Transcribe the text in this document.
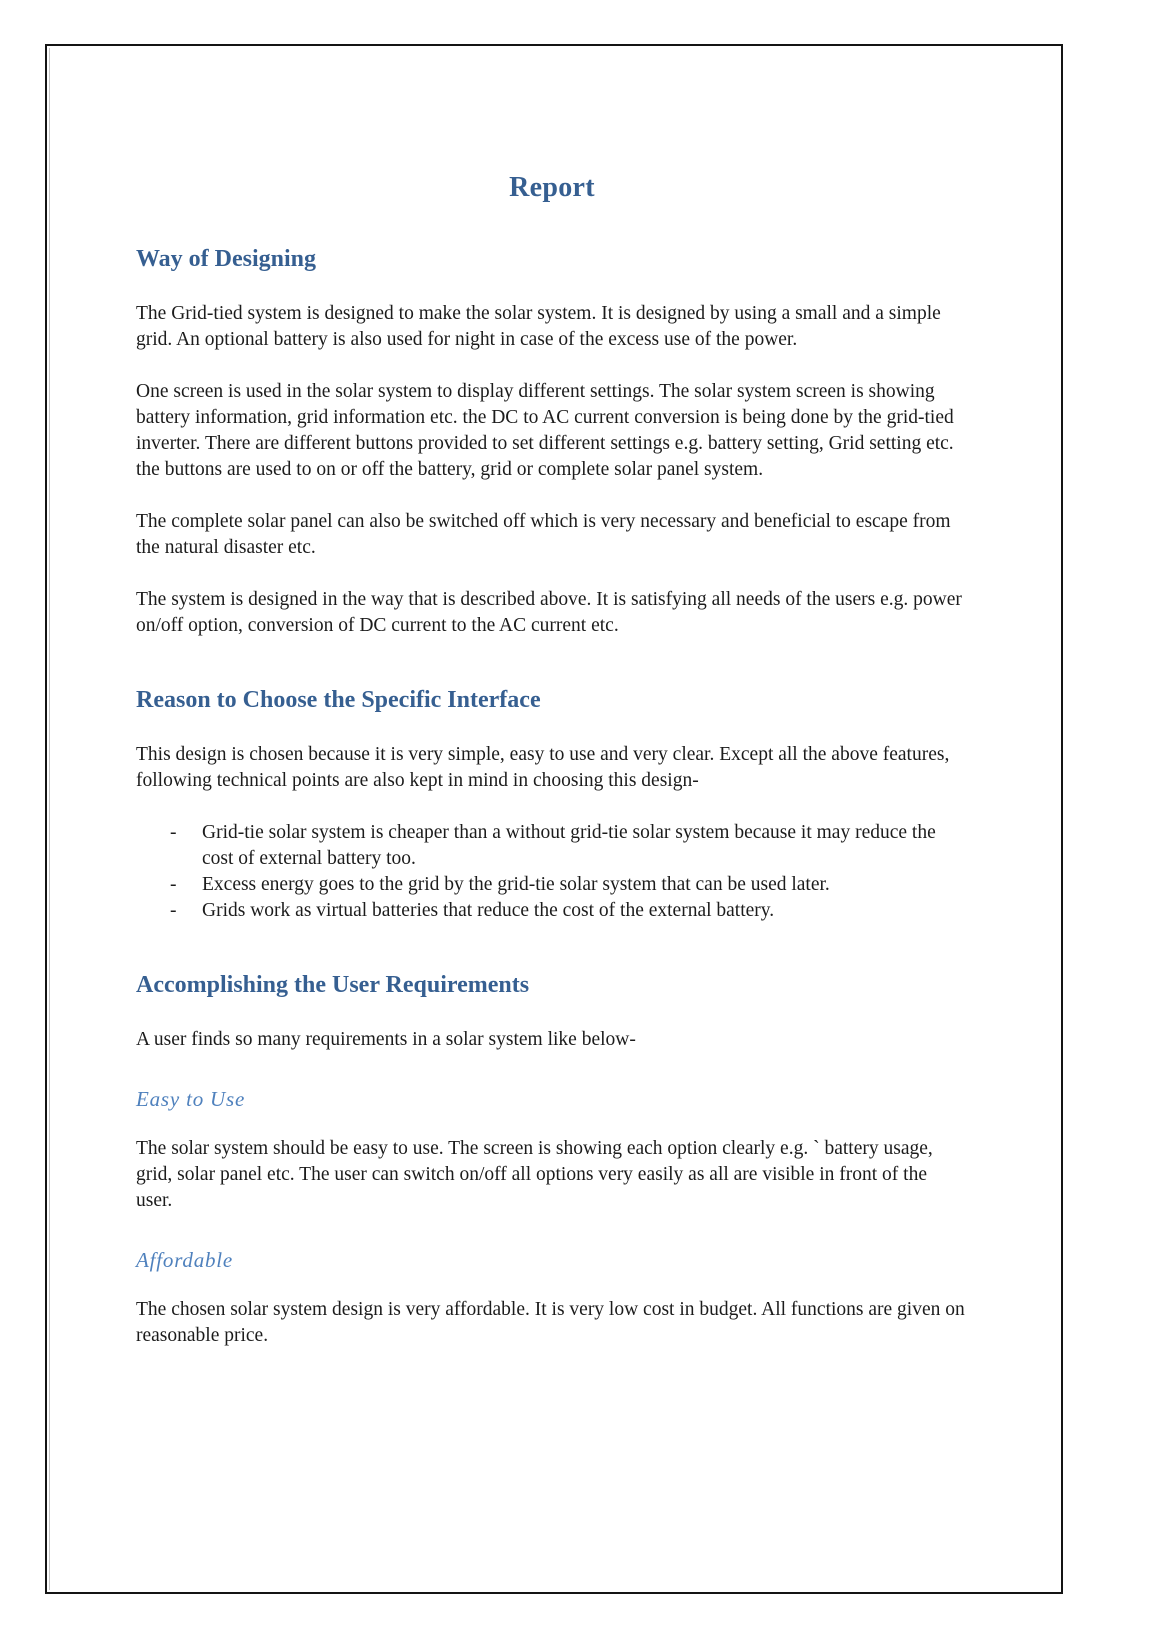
Report
Way of Designing

The Grid-tied system is designed to make the solar system. It is designed by using a small and a simple grid. An optional battery is also used for night in case of the excess use of the power.

One screen is used in the solar system to display different settings. The solar system screen is showing battery information, grid information etc. the DC to AC current conversion is being done by the grid-tied inverter. There are different buttons provided to set different settings e.g. battery setting, Grid setting etc. the buttons are used to on or off the battery, grid or complete solar panel system.

The complete solar panel can also be switched off which is very necessary and beneficial to escape from the natural disaster etc.

The system is designed in the way that is described above. It is satisfying all needs of the users e.g. power on/off option, conversion of DC current to the AC current etc.

Reason to Choose the Specific Interface

This design is chosen because it is very simple, easy to use and very clear. Except all the above features, following technical points are also kept in mind in choosing this design-

-	Grid-tie solar system is cheaper than a without grid-tie solar system because it may reduce the cost of external battery too.
-	Excess energy goes to the grid by the grid-tie solar system that can be used later.
-	Grids work as virtual batteries that reduce the cost of the external battery.
Accomplishing the User Requirements

A user finds so many requirements in a solar system like below-

Easy to Use

The solar system should be easy to use. The screen is showing each option clearly e.g. ` battery usage, grid, solar panel etc. The user can switch on/off all options very easily as all are visible in front of the user.

Affordable

The chosen solar system design is very affordable. It is very low cost in budget. All functions are given on reasonable price.
